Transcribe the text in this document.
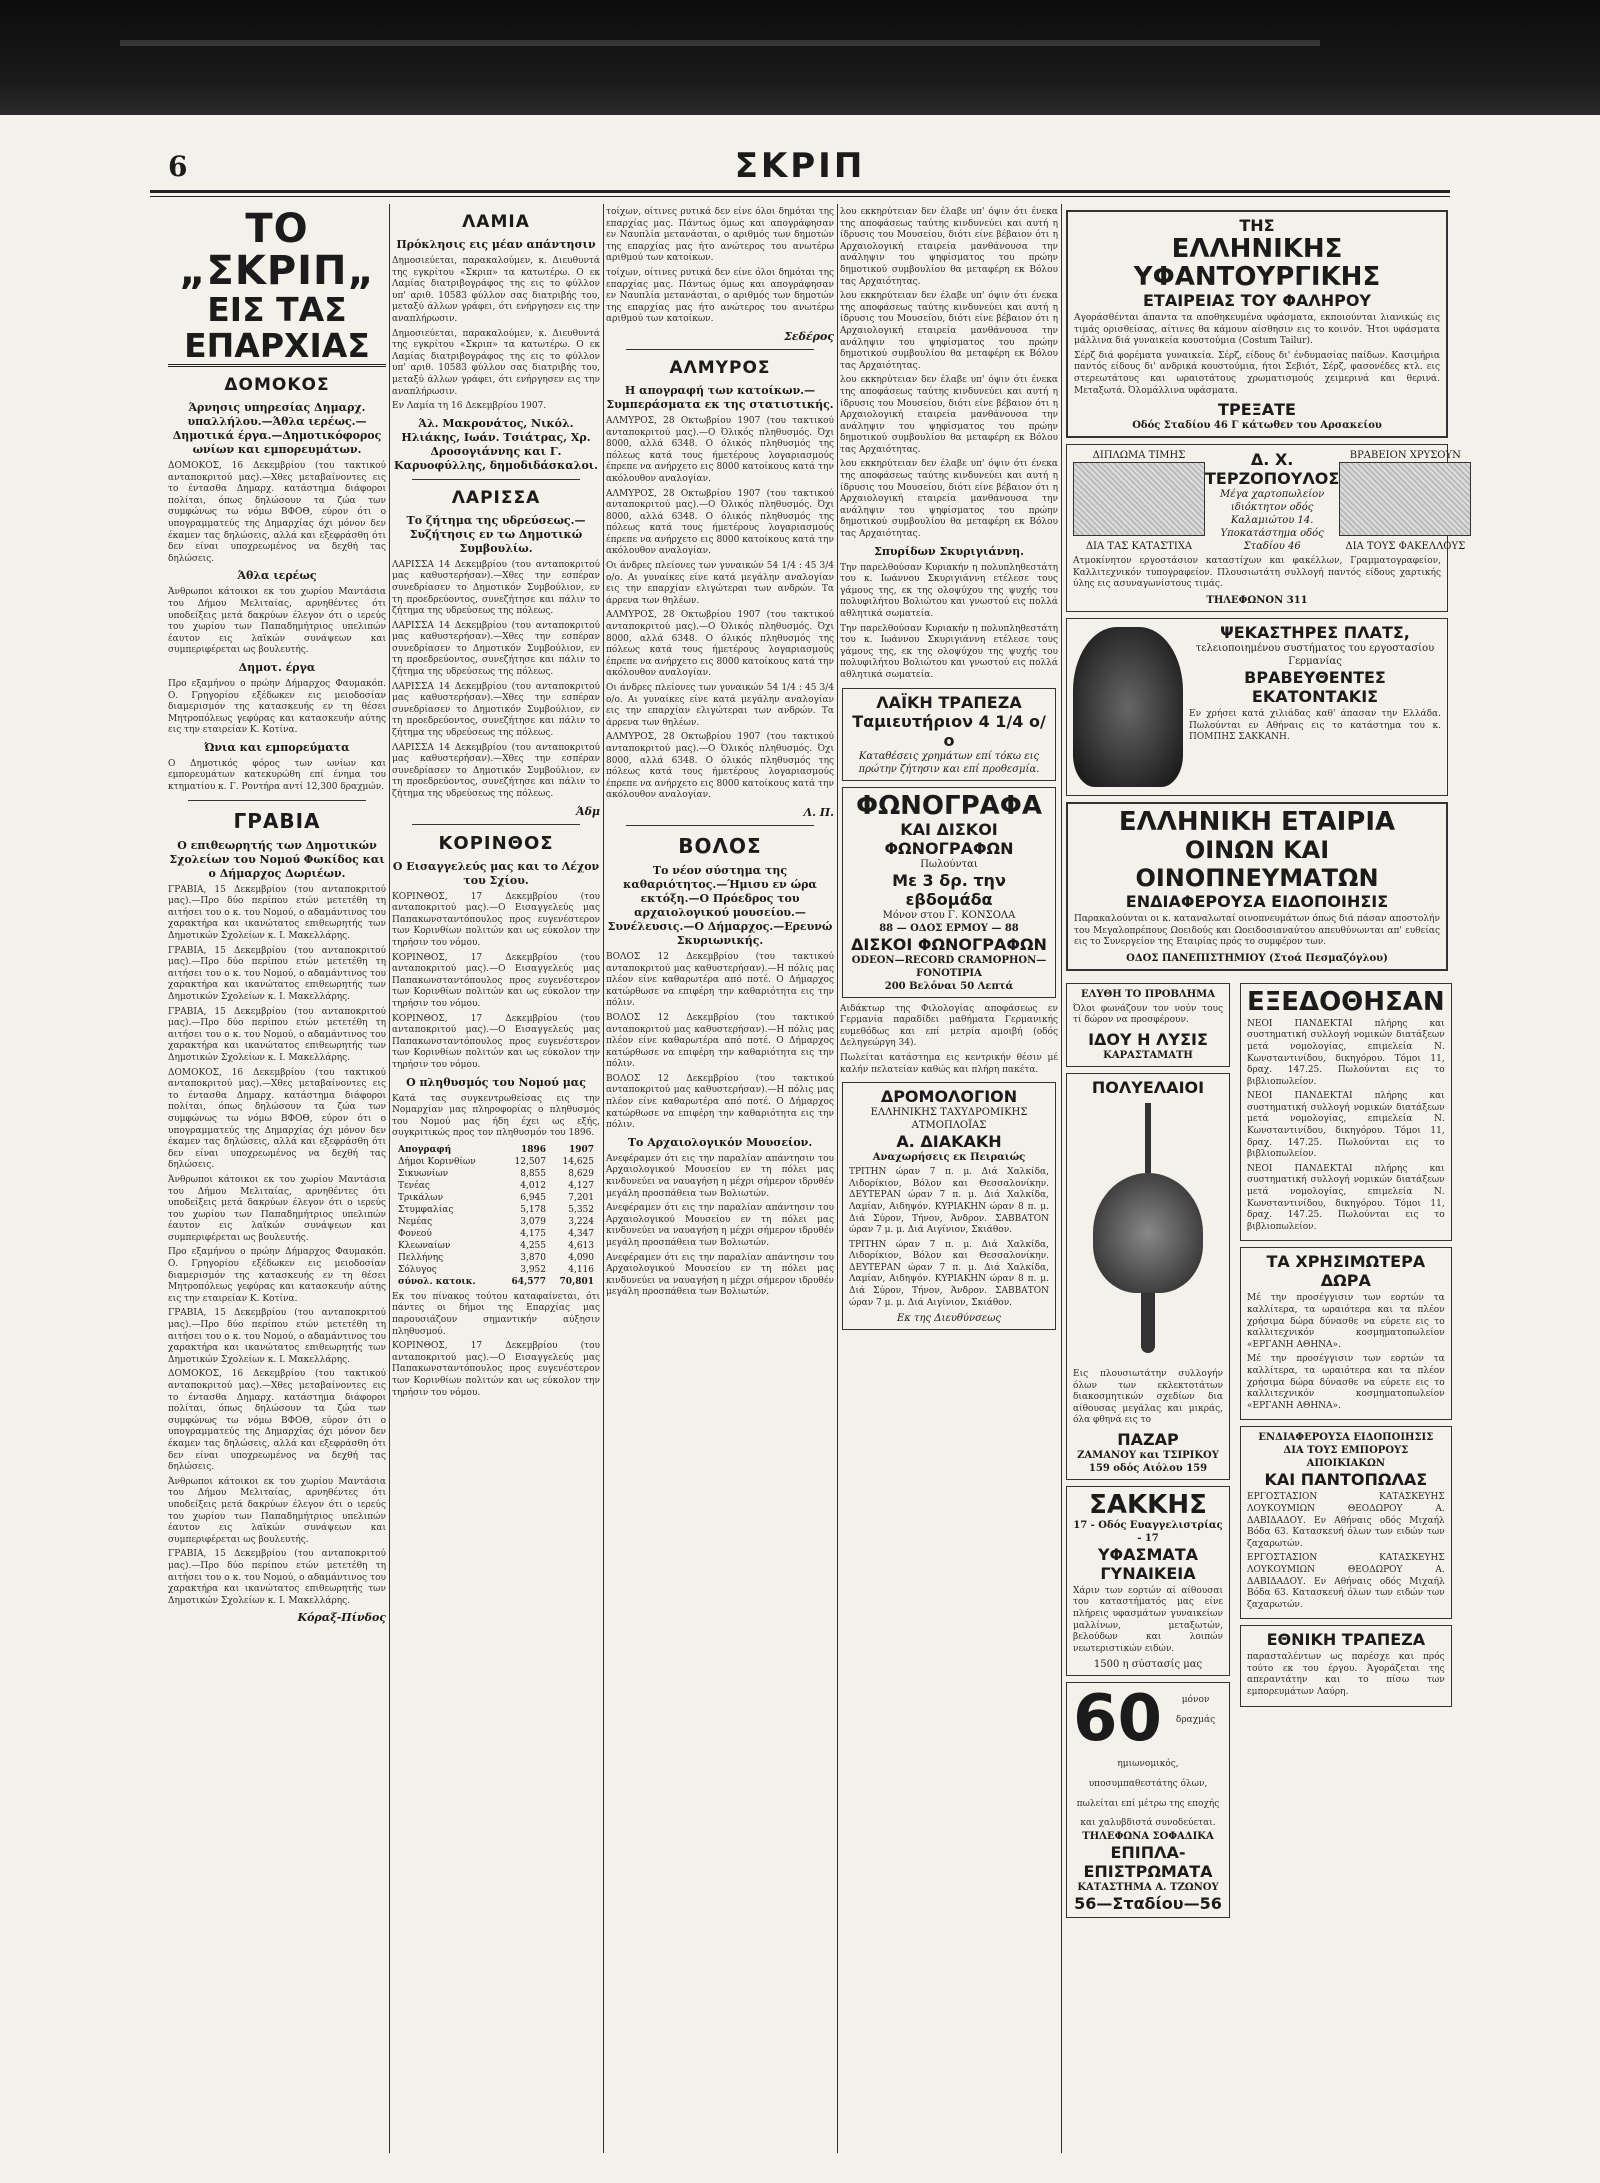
6	ΣΚΡΙΠ
ΤΟ „ΣΚΡΙΠ„
ΕΙΣ ΤΑΣ ΕΠΑΡΧΙΑΣ
ΔΟΜΟΚΟΣ
Άρνησις υπηρεσίας Δημαρχ. υπαλλήλου.—Άθλα ιερέως.—Δημοτικά έργα.—Δημοτικόφορος ωνίων και εμπορευμάτων.
ΔΟΜΟΚΟΣ, 16 Δεκεμβρίου (του τακτικού ανταποκριτού μας).—Χθες μεταβαίνοντες εις το έντασθα Δημαρχ. κατάστημα διάφοροι πολίται, όπως δηλώσουν τα ζώα των συμφώνως τω νόμω ΒΦΟΘ, εύρον ότι ο υπογραμματεύς της Δημαρχίας όχι μόνον δεν έκαμεν τας δηλώσεις, αλλά και εξεφράσθη ότι δεν είναι υποχρεωμένος να δεχθή τας δηλώσεις.
Άθλα ιερέως
Άνθρωποι κάτοικοι εκ του χωρίου Μαντάσια του Δήμου Μελιταίας, αρνηθέντες ότι υποδείξεις μετά δακρύων έλεγον ότι ο ιερεύς του χωρίου των Παπαδημήτριος υπελιπών έαυτον εις λαϊκών συνάψεων και συμπεριφέρεται ως βουλευτής.
Δημοτ. έργα
Προ εξαμήνου ο πρώην Δήμαρχος Φαυμακόπ. Ο. Γρηγορίου εξέδωκεν εις μειοδοσίαν διαμερισμόν της κατασκευής εν τη θέσει Μητροπόλεως γεφύρας και κατασκευήν αύτης εις την εταιρείαν Κ. Κοτίνα.
Ώνια και εμπορεύματα
Ο Δημοτικός φόρος των ωνίων και εμπορευμάτων κατεκυρώθη επί ένημα του κτηματίου κ. Γ. Ροντήρα αντί 12,300 δραχμών.
ΓΡΑΒΙΑ
Ο επιθεωρητής των Δημοτικών Σχολείων του Νομού Φωκίδος και ο Δήμαρχος Δωριέων.
ΓΡΑΒΙΑ, 15 Δεκεμβρίου (του ανταποκριτού μας).—Προ δύο περίπου ετών μετετέθη τη αιτήσει του ο κ. του Νομού, ο αδαμάντινος του χαρακτήρα και ικανώτατος επιθεωρητής των Δημοτικών Σχολείων κ. Ι. Μακελλάρης.
ΓΡΑΒΙΑ, 15 Δεκεμβρίου (του ανταποκριτού μας).—Προ δύο περίπου ετών μετετέθη τη αιτήσει του ο κ. του Νομού, ο αδαμάντινος του χαρακτήρα και ικανώτατος επιθεωρητής των Δημοτικών Σχολείων κ. Ι. Μακελλάρης.
ΓΡΑΒΙΑ, 15 Δεκεμβρίου (του ανταποκριτού μας).—Προ δύο περίπου ετών μετετέθη τη αιτήσει του ο κ. του Νομού, ο αδαμάντινος του χαρακτήρα και ικανώτατος επιθεωρητής των Δημοτικών Σχολείων κ. Ι. Μακελλάρης.
ΔΟΜΟΚΟΣ, 16 Δεκεμβρίου (του τακτικού ανταποκριτού μας).—Χθες μεταβαίνοντες εις το έντασθα Δημαρχ. κατάστημα διάφοροι πολίται, όπως δηλώσουν τα ζώα των συμφώνως τω νόμω ΒΦΟΘ, εύρον ότι ο υπογραμματεύς της Δημαρχίας όχι μόνον δεν έκαμεν τας δηλώσεις, αλλά και εξεφράσθη ότι δεν είναι υποχρεωμένος να δεχθή τας δηλώσεις.
Άνθρωποι κάτοικοι εκ του χωρίου Μαντάσια του Δήμου Μελιταίας, αρνηθέντες ότι υποδείξεις μετά δακρύων έλεγον ότι ο ιερεύς του χωρίου των Παπαδημήτριος υπελιπών έαυτον εις λαϊκών συνάψεων και συμπεριφέρεται ως βουλευτής.
Προ εξαμήνου ο πρώην Δήμαρχος Φαυμακόπ. Ο. Γρηγορίου εξέδωκεν εις μειοδοσίαν διαμερισμόν της κατασκευής εν τη θέσει Μητροπόλεως γεφύρας και κατασκευήν αύτης εις την εταιρείαν Κ. Κοτίνα.
ΓΡΑΒΙΑ, 15 Δεκεμβρίου (του ανταποκριτού μας).—Προ δύο περίπου ετών μετετέθη τη αιτήσει του ο κ. του Νομού, ο αδαμάντινος του χαρακτήρα και ικανώτατος επιθεωρητής των Δημοτικών Σχολείων κ. Ι. Μακελλάρης.
ΔΟΜΟΚΟΣ, 16 Δεκεμβρίου (του τακτικού ανταποκριτού μας).—Χθες μεταβαίνοντες εις το έντασθα Δημαρχ. κατάστημα διάφοροι πολίται, όπως δηλώσουν τα ζώα των συμφώνως τω νόμω ΒΦΟΘ, εύρον ότι ο υπογραμματεύς της Δημαρχίας όχι μόνον δεν έκαμεν τας δηλώσεις, αλλά και εξεφράσθη ότι δεν είναι υποχρεωμένος να δεχθή τας δηλώσεις.
Άνθρωποι κάτοικοι εκ του χωρίου Μαντάσια του Δήμου Μελιταίας, αρνηθέντες ότι υποδείξεις μετά δακρύων έλεγον ότι ο ιερεύς του χωρίου των Παπαδημήτριος υπελιπών έαυτον εις λαϊκών συνάψεων και συμπεριφέρεται ως βουλευτής.
ΓΡΑΒΙΑ, 15 Δεκεμβρίου (του ανταποκριτού μας).—Προ δύο περίπου ετών μετετέθη τη αιτήσει του ο κ. του Νομού, ο αδαμάντινος του χαρακτήρα και ικανώτατος επιθεωρητής των Δημοτικών Σχολείων κ. Ι. Μακελλάρης.
Κόραξ-Πίνδος
ΛΑΜΙΑ
Πρόκλησις εις μέαν απάντησιν
Δημοσιεύεται, παρακαλούμεν, κ. Διευθυντά της εγκρίτου «Σκριπ» τα κατωτέρω. Ο εκ Λαμίας διατριβογράφος της εις το φύλλον υπ' αριθ. 10583 φύλλον σας διατριβής του, μεταξύ άλλων γράφει, ότι ενήργησεν εις την αναπλήρωσιν.
Δημοσιεύεται, παρακαλούμεν, κ. Διευθυντά της εγκρίτου «Σκριπ» τα κατωτέρω. Ο εκ Λαμίας διατριβογράφος της εις το φύλλον υπ' αριθ. 10583 φύλλον σας διατριβής του, μεταξύ άλλων γράφει, ότι ενήργησεν εις την αναπλήρωσιν.
Εν Λαμία τη 16 Δεκεμβρίου 1907.
Άλ. Μακρονάτος, Νικόλ. Ηλιάκης, Ιωάν. Τσιάτρας, Χρ. Δροσογιάννης και Γ. Καρυοφύλλης, δημοδιδάσκαλοι.
ΛΑΡΙΣΣΑ
Το ζήτημα της υδρεύσεως.—Συζήτησις εν τω Δημοτικώ Συμβουλίω.
ΛΑΡΙΣΣΑ 14 Δεκεμβρίου (του ανταποκριτού μας καθυστερήσαν).—Χθες την εσπέραν συνεδρίασεν το Δημοτικόν Συμβούλιον, εν τη προεδρεύοντος, συνεζήτησε και πάλιν το ζήτημα της υδρεύσεως της πόλεως.
ΛΑΡΙΣΣΑ 14 Δεκεμβρίου (του ανταποκριτού μας καθυστερήσαν).—Χθες την εσπέραν συνεδρίασεν το Δημοτικόν Συμβούλιον, εν τη προεδρεύοντος, συνεζήτησε και πάλιν το ζήτημα της υδρεύσεως της πόλεως.
ΛΑΡΙΣΣΑ 14 Δεκεμβρίου (του ανταποκριτού μας καθυστερήσαν).—Χθες την εσπέραν συνεδρίασεν το Δημοτικόν Συμβούλιον, εν τη προεδρεύοντος, συνεζήτησε και πάλιν το ζήτημα της υδρεύσεως της πόλεως.
ΛΑΡΙΣΣΑ 14 Δεκεμβρίου (του ανταποκριτού μας καθυστερήσαν).—Χθες την εσπέραν συνεδρίασεν το Δημοτικόν Συμβούλιον, εν τη προεδρεύοντος, συνεζήτησε και πάλιν το ζήτημα της υδρεύσεως της πόλεως.
Άδμ
ΚΟΡΙΝΘΟΣ
Ο Εισαγγελεύς μας και το Λέχον του Σχίου.
ΚΟΡΙΝΘΟΣ, 17 Δεκεμβρίου (του ανταποκριτού μας).—Ο Εισαγγελεύς μας Παπακωνσταντόπουλος προς ευγενέστερον των Κορινθίων πολιτών και ως εύκολον την τηρήσιν του νόμου.
ΚΟΡΙΝΘΟΣ, 17 Δεκεμβρίου (του ανταποκριτού μας).—Ο Εισαγγελεύς μας Παπακωνσταντόπουλος προς ευγενέστερον των Κορινθίων πολιτών και ως εύκολον την τηρήσιν του νόμου.
ΚΟΡΙΝΘΟΣ, 17 Δεκεμβρίου (του ανταποκριτού μας).—Ο Εισαγγελεύς μας Παπακωνσταντόπουλος προς ευγενέστερον των Κορινθίων πολιτών και ως εύκολον την τηρήσιν του νόμου.
Ο πληθυσμός του Νομού μας
Κατά τας συγκεντρωθείσας εις την Νομαρχίαν μας πληροφορίας ο πληθυσμός του Νομού μας ήδη έχει ως εξής, συγκριτικώς προς τον πληθυσμόν του 1896.
Απογραφή	1896	1907
Δήμοι Κορινθίων	12,507	14,625
Σικυωνίων	8,855	8,629
Τενέας	4,012	4,127
Τρικάλων	6,945	7,201
Στυμφαλίας	5,178	5,352
Νεμέας	3,079	3,224
Φονεού	4,175	4,347
Κλεωναίων	4,255	4,613
Πελλήνης	3,870	4,090
Σόλυγος	3,952	4,116
σύνολ. κατοικ.	64,577	70,801
Εκ του πίνακος τούτου καταφαίνεται, ότι πάντες οι δήμοι της Επαρχίας μας παρουσιάζουν σημαντικήν αύξησιν πληθυσμού.
ΚΟΡΙΝΘΟΣ, 17 Δεκεμβρίου (του ανταποκριτού μας).—Ο Εισαγγελεύς μας Παπακωνσταντόπουλος προς ευγενέστερον των Κορινθίων πολιτών και ως εύκολον την τηρήσιν του νόμου.
τοίχων, οίτινες ρυτικά δεν είνε όλοι δημόται της επαρχίας μας. Πάντως όμως και απογράφησαν εν Ναυπλία μετανάσται, ο αριθμός των δημοτών της επαρχίας μας ήτο ανώτερος του ανωτέρω αριθμού των κατοίκων.
τοίχων, οίτινες ρυτικά δεν είνε όλοι δημόται της επαρχίας μας. Πάντως όμως και απογράφησαν εν Ναυπλία μετανάσται, ο αριθμός των δημοτών της επαρχίας μας ήτο ανώτερος του ανωτέρω αριθμού των κατοίκων.
Σεδέρος
ΑΛΜΥΡΟΣ
Η απογραφή των κατοίκων.—Συμπεράσματα εκ της στατιστικής.
ΑΛΜΥΡΟΣ, 28 Οκτωβρίου 1907 (του τακτικού ανταποκριτού μας).—Ο Όλικός πληθυσμός. Όχι 8000, αλλά 6348. Ο όλικός πληθυσμός της πόλεως κατά τους ήμετέρους λογαριασμούς έπρεπε να ανήρχετο εις 8000 κατοίκους κατά την ακόλουθον αναλογίαν.
ΑΛΜΥΡΟΣ, 28 Οκτωβρίου 1907 (του τακτικού ανταποκριτού μας).—Ο Όλικός πληθυσμός. Όχι 8000, αλλά 6348. Ο όλικός πληθυσμός της πόλεως κατά τους ήμετέρους λογαριασμούς έπρεπε να ανήρχετο εις 8000 κατοίκους κατά την ακόλουθον αναλογίαν.
Οι άνδρες πλείονες των γυναικών 54 1/4 : 45 3/4 ο/ο. Αι γυναίκες είνε κατά μεγάλην αναλογίαν εις την επαρχίαν ελιγώτεραι των ανδρών. Τα άρρενα των θηλέων.
ΑΛΜΥΡΟΣ, 28 Οκτωβρίου 1907 (του τακτικού ανταποκριτού μας).—Ο Όλικός πληθυσμός. Όχι 8000, αλλά 6348. Ο όλικός πληθυσμός της πόλεως κατά τους ήμετέρους λογαριασμούς έπρεπε να ανήρχετο εις 8000 κατοίκους κατά την ακόλουθον αναλογίαν.
Οι άνδρες πλείονες των γυναικών 54 1/4 : 45 3/4 ο/ο. Αι γυναίκες είνε κατά μεγάλην αναλογίαν εις την επαρχίαν ελιγώτεραι των ανδρών. Τα άρρενα των θηλέων.
ΑΛΜΥΡΟΣ, 28 Οκτωβρίου 1907 (του τακτικού ανταποκριτού μας).—Ο Όλικός πληθυσμός. Όχι 8000, αλλά 6348. Ο όλικός πληθυσμός της πόλεως κατά τους ήμετέρους λογαριασμούς έπρεπε να ανήρχετο εις 8000 κατοίκους κατά την ακόλουθον αναλογίαν.
Λ. Π.
ΒΟΛΟΣ
Το νέον σύστημα της καθαριότητος.—Ήμισυ εν ώρα εκτόξη.—Ο Πρόεδρος του αρχαιολογικού μουσείου.—Συνέλευσις.—Ο Δήμαρχος.—Ερευνώ Σκυριωνικής.
ΒΟΛΟΣ 12 Δεκεμβρίου (του τακτικού ανταποκριτού μας καθυστερήσαν).—Η πόλις μας πλέον είνε καθαρωτέρα από ποτέ. Ο Δήμαρχος κατώρθωσε να επιφέρη την καθαριότητα εις την πόλιν.
ΒΟΛΟΣ 12 Δεκεμβρίου (του τακτικού ανταποκριτού μας καθυστερήσαν).—Η πόλις μας πλέον είνε καθαρωτέρα από ποτέ. Ο Δήμαρχος κατώρθωσε να επιφέρη την καθαριότητα εις την πόλιν.
ΒΟΛΟΣ 12 Δεκεμβρίου (του τακτικού ανταποκριτού μας καθυστερήσαν).—Η πόλις μας πλέον είνε καθαρωτέρα από ποτέ. Ο Δήμαρχος κατώρθωσε να επιφέρη την καθαριότητα εις την πόλιν.
Το Αρχαιολογικόν Μουσείον.
Ανεφέραμεν ότι εις την παραλίαν απάντησιν του Αρχαιολογικού Μουσείου εν τη πόλει μας κινδυνεύει να ναυαγήση η μέχρι σήμερον ιδρυθέν μεγάλη προσπάθεια των Βολιωτών.
Ανεφέραμεν ότι εις την παραλίαν απάντησιν του Αρχαιολογικού Μουσείου εν τη πόλει μας κινδυνεύει να ναυαγήση η μέχρι σήμερον ιδρυθέν μεγάλη προσπάθεια των Βολιωτών.
Ανεφέραμεν ότι εις την παραλίαν απάντησιν του Αρχαιολογικού Μουσείου εν τη πόλει μας κινδυνεύει να ναυαγήση η μέχρι σήμερον ιδρυθέν μεγάλη προσπάθεια των Βολιωτών.
λου εκκηρύτειαν δεν έλαβε υπ' όψιν ότι ένεκα της αποφάσεως ταύτης κινδυνεύει και αυτή η ίδρυσις του Μουσείου, διότι είνε βέβαιον ότι η Αρχαιολογική εταιρεία μανθάνουσα την ανάληψιν του ψηφίσματος του πρώην δημοτικού συμβουλίου θα μεταφέρη εκ Βόλου τας Αρχαιότητας.
λου εκκηρύτειαν δεν έλαβε υπ' όψιν ότι ένεκα της αποφάσεως ταύτης κινδυνεύει και αυτή η ίδρυσις του Μουσείου, διότι είνε βέβαιον ότι η Αρχαιολογική εταιρεία μανθάνουσα την ανάληψιν του ψηφίσματος του πρώην δημοτικού συμβουλίου θα μεταφέρη εκ Βόλου τας Αρχαιότητας.
λου εκκηρύτειαν δεν έλαβε υπ' όψιν ότι ένεκα της αποφάσεως ταύτης κινδυνεύει και αυτή η ίδρυσις του Μουσείου, διότι είνε βέβαιον ότι η Αρχαιολογική εταιρεία μανθάνουσα την ανάληψιν του ψηφίσματος του πρώην δημοτικού συμβουλίου θα μεταφέρη εκ Βόλου τας Αρχαιότητας.
λου εκκηρύτειαν δεν έλαβε υπ' όψιν ότι ένεκα της αποφάσεως ταύτης κινδυνεύει και αυτή η ίδρυσις του Μουσείου, διότι είνε βέβαιον ότι η Αρχαιολογική εταιρεία μανθάνουσα την ανάληψιν του ψηφίσματος του πρώην δημοτικού συμβουλίου θα μεταφέρη εκ Βόλου τας Αρχαιότητας.
Σπυρίδων Σκυριγιάννη.
Την παρελθούσαν Κυριακήν η πολυπληθεστάτη του κ. Ιωάννου Σκυριγιάννη ετέλεσε τους γάμους της, εκ της ολοψύχου της ψυχής του πολυφιλήτου Βολιώτου και γνωστού εις πολλά αθλητικά σωματεία.
Την παρελθούσαν Κυριακήν η πολυπληθεστάτη του κ. Ιωάννου Σκυριγιάννη ετέλεσε τους γάμους της, εκ της ολοψύχου της ψυχής του πολυφιλήτου Βολιώτου και γνωστού εις πολλά αθλητικά σωματεία.
ΛΑΪΚΗ ΤΡΑΠΕΖΑ
Ταμιευτήριον 4 1/4 ο/ο
Καταθέσεις χρημάτων επί τόκω εις πρώτην ζήτησιν και επί προθεσμία.
ΦΩΝΟΓΡΑΦΑ
ΚΑΙ ΔΙΣΚΟΙ ΦΩΝΟΓΡΑΦΩΝ
Πωλούνται
Με 3 δρ. την εβδομάδα
Μόνον στου Γ. ΚΟΝΣΟΛΑ
88 — ΟΔΟΣ ΕΡΜΟΥ — 88
ΔΙΣΚΟΙ ΦΩΝΟΓΡΑΦΩΝ
ODEON—RECORD CRAMOPHON—FONOTIPIA
200 Βελόναι 50 Λεπτά
Αιδάκτωρ της Φιλολογίας αποφάσεως εν Γερμανία παραδίδει μαθήματα Γερμανικής ευμεθόδως και επί μετρία αμοιβή (οδός Δεληγεώργη 34).
Πωλείται κατάστημα εις κεντρικήν θέσιν μέ καλήν πελατείαν καθώς και πλήρη πακέτα.
ΔΡΟΜΟΛΟΓΙΟΝ
ΕΛΛΗΝΙΚΗΣ ΤΑΧΥΔΡΟΜΙΚΗΣ ΑΤΜΟΠΛΟΪΑΣ
Α. ΔΙΑΚΑΚΗ
Αναχωρήσεις εκ Πειραιώς
ΤΡΙΤΗΝ ώραν 7 π. μ. Διά Χαλκίδα, Λιδορίκιον, Βόλον και Θεσσαλονίκην. ΔΕΥΤΕΡΑΝ ώραν 7 π. μ. Διά Χαλκίδα, Λαμίαν, Αιδηψόν. ΚΥΡΙΑΚΗΝ ώραν 8 π. μ. Διά Σύρον, Τήνον, Άνδρον. ΣΑΒΒΑΤΟΝ ώραν 7 μ. μ. Διά Αιγίνιον, Σκιάθον.
ΤΡΙΤΗΝ ώραν 7 π. μ. Διά Χαλκίδα, Λιδορίκιον, Βόλον και Θεσσαλονίκην. ΔΕΥΤΕΡΑΝ ώραν 7 π. μ. Διά Χαλκίδα, Λαμίαν, Αιδηψόν. ΚΥΡΙΑΚΗΝ ώραν 8 π. μ. Διά Σύρον, Τήνον, Άνδρον. ΣΑΒΒΑΤΟΝ ώραν 7 μ. μ. Διά Αιγίνιον, Σκιάθον.
Εκ της Διευθύνσεως
ΤΗΣ
ΕΛΛΗΝΙΚΗΣ ΥΦΑΝΤΟΥΡΓΙΚΗΣ
ΕΤΑΙΡΕΙΑΣ ΤΟΥ ΦΑΛΗΡΟΥ
Αγοράσθένται άπαντα τα αποθηκευμένα υφάσματα, εκποιούνται λιανικώς εις τιμάς ορισθείσας, αίτινες θα κάμουν αίσθησιν εις το κοινόν. Ήτοι υφάσματα μάλλινα διά γυναικεία κουστούμια (Costum Tailur).
Σέρζ διά φορέματα γυναικεία. Σέρζ, είδους δι' ένδυμασίας παίδων. Κασιμήρια παντός είδους δι' ανδρικά κουστούμια, ήτοι Σεβιότ, Σέρζ, φασονέδες κτλ. εις στερεωτάτους και ωραιοτάτους χρωματισμούς χειμερινά και θερινά. Μεταξωτά. Όλομάλλινα υφάσματα.
ΤΡΕΞΑΤΕ
Οδός Σταδίου 46 Γ κάτωθεν του Αρσακείου
ΔΙΠΛΩΜΑ ΤΙΜΗΣ
ΔΙΑ ΤΑΣ ΚΑΤΑΣΤΙΧΑ
Δ. Χ. ΤΕΡΖΟΠΟΥΛΟΣ
Μέγα χαρτοπωλείον ιδιόκτητον οδός Καλαμιώτου 14. Υποκατάστημα οδός Σταδίου 46
ΒΡΑΒΕΙΟΝ ΧΡΥΣΟΥΝ
ΔΙΑ ΤΟΥΣ ΦΑΚΕΛΛΟΥΣ
Ατμοκίνητον εργοστάσιον καταστίχων και φακέλλων, Γραμματογραφείον, Καλλιτεχνικόν τυπογραφείον. Πλουσιωτάτη συλλογή παντός είδους χαρτικής ύλης εις ασυναγωνίστους τιμάς.
ΤΗΛΕΦΩΝΟΝ 311
ΨΕΚΑΣΤΗΡΕΣ ΠΛΑΤΣ,
τελειοποιημένου συστήματος του εργοστασίου Γερμανίας
ΒΡΑΒΕΥΘΕΝΤΕΣ ΕΚΑΤΟΝΤΑΚΙΣ
Εν χρήσει κατά χιλιάδας καθ' άπασαν την Ελλάδα. Πωλούνται εν Αθήναις εις το κατάστημα του κ. ΠΟΜΠΗΣ ΣΑΚΚΑΝΗ.
ΕΛΛΗΝΙΚΗ ΕΤΑΙΡΙΑ
ΟΙΝΩΝ ΚΑΙ ΟΙΝΟΠΝΕΥΜΑΤΩΝ
ΕΝΔΙΑΦΕΡΟΥΣΑ ΕΙΔΟΠΟΙΗΣΙΣ
Παρακαλούνται οι κ. καταναλωταί οινοπνευμάτων όπως διά πάσαν αποστολήν του Μεγαλοπρέπους Ωοειδούς και Ωοειδοσιαναύτου απευθύνωνται απ' ευθείας εις το Συνεργείον της Εταιρίας πρός το συμφέρον των.
ΟΔΟΣ ΠΑΝΕΠΙΣΤΗΜΙΟΥ (Στοά Πεσμαζόγλου)
ΕΛΥΘΗ ΤΟ ΠΡΟΒΛΗΜΑ
Όλοι φωνάζουν τον νούν τους τί δώρον να προσφέρουν.
ΙΔΟΥ Η ΛΥΣΙΣ
ΚΑΡΑΣΤΑΜΑΤΗ
ΠΟΛΥΕΛΑΙΟΙ
Εις πλουσιωτάτην συλλογήν όλων των εκλεκτοτάτων διακοσμητικών σχεδίων δια αίθουσας μεγάλας και μικράς, όλα φθηνά εις το
ΠΑΖΑΡ
ΖΑΜΑΝΟΥ και ΤΣΙΡΙΚΟΥ
159 οδός Αιόλου 159
ΣΑΚΚΗΣ
17 - Οδός Ευαγγελιστρίας - 17
ΥΦΑΣΜΑΤΑ ΓΥΝΑΙΚΕΙΑ
Χάριν των εορτών αί αίθουσαι του καταστήματός μας είνε πλήρεις υφασμάτων γυναικείων μαλλίνων, μεταξωτών, βελούδων και λοιπών νεωτεριστικών ειδών.
1500 η σύστασίς μας
60 μόνον δραχμάς ημιωνομικός, υποσυμπαθεστάτης όλων, πωλείται επί μέτρω της εποχής και χαλυβδιστά συνοδεύεται.
ΤΗΛΕΦΩΝΑ ΣΟΦΑΔΙΚΑ
ΕΠΙΠΛΑ-ΕΠΙΣΤΡΩΜΑΤΑ
ΚΑΤΑΣΤΗΜΑ Α. ΤΖΩΝΟΥ
56—Σταδίου—56
ΕΞΕΔΟΘΗΣΑΝ
ΝΕΟΙ ΠΑΝΔΕΚΤΑΙ πλήρης και συστηματική συλλογή νομικών διατάξεων μετά νομολογίας, επιμελεία Ν. Κωνσταντινίδου, δικηγόρου. Τόμοι 11, δραχ. 147.25. Πωλούνται εις το βιβλιοπωλείον.
ΝΕΟΙ ΠΑΝΔΕΚΤΑΙ πλήρης και συστηματική συλλογή νομικών διατάξεων μετά νομολογίας, επιμελεία Ν. Κωνσταντινίδου, δικηγόρου. Τόμοι 11, δραχ. 147.25. Πωλούνται εις το βιβλιοπωλείον.
ΝΕΟΙ ΠΑΝΔΕΚΤΑΙ πλήρης και συστηματική συλλογή νομικών διατάξεων μετά νομολογίας, επιμελεία Ν. Κωνσταντινίδου, δικηγόρου. Τόμοι 11, δραχ. 147.25. Πωλούνται εις το βιβλιοπωλείον.
ΤΑ ΧΡΗΣΙΜΩΤΕΡΑ ΔΩΡΑ
Μέ την προσέγγισιν των εορτών τα καλλίτερα, τα ωραιότερα και τα πλέον χρήσιμα δώρα δύνασθε να εύρετε εις το καλλιτεχνικόν κοσμηματοπωλείον «ΕΡΓΑΝΗ ΑΘΗΝΑ».
Μέ την προσέγγισιν των εορτών τα καλλίτερα, τα ωραιότερα και τα πλέον χρήσιμα δώρα δύνασθε να εύρετε εις το καλλιτεχνικόν κοσμηματοπωλείον «ΕΡΓΑΝΗ ΑΘΗΝΑ».
ΕΝΔΙΑΦΕΡΟΥΣΑ ΕΙΔΟΠΟΙΗΣΙΣ ΔΙΑ ΤΟΥΣ ΕΜΠΟΡΟΥΣ ΑΠΟΙΚΙΑΚΩΝ
ΚΑΙ ΠΑΝΤΟΠΩΛΑΣ
ΕΡΓΟΣΤΑΣΙΟΝ ΚΑΤΑΣΚΕΥΗΣ ΛΟΥΚΟΥΜΙΩΝ ΘΕΟΔΩΡΟΥ Α. ΔΑΒΙΔΑΔΟΥ. Εν Αθήναις οδός Μιχαήλ Βόδα 63. Κατασκευή όλων των ειδών των ζαχαρωτών.
ΕΡΓΟΣΤΑΣΙΟΝ ΚΑΤΑΣΚΕΥΗΣ ΛΟΥΚΟΥΜΙΩΝ ΘΕΟΔΩΡΟΥ Α. ΔΑΒΙΔΑΔΟΥ. Εν Αθήναις οδός Μιχαήλ Βόδα 63. Κατασκευή όλων των ειδών των ζαχαρωτών.
ΕΘΝΙΚΗ ΤΡΑΠΕΖΑ
παρασταλέντων ως παρέσχε και πρός τούτο εκ του έργου. Άγοράζεται της απεραντάτην και το πίσω των εμπορευμάτων Λαύρη.
